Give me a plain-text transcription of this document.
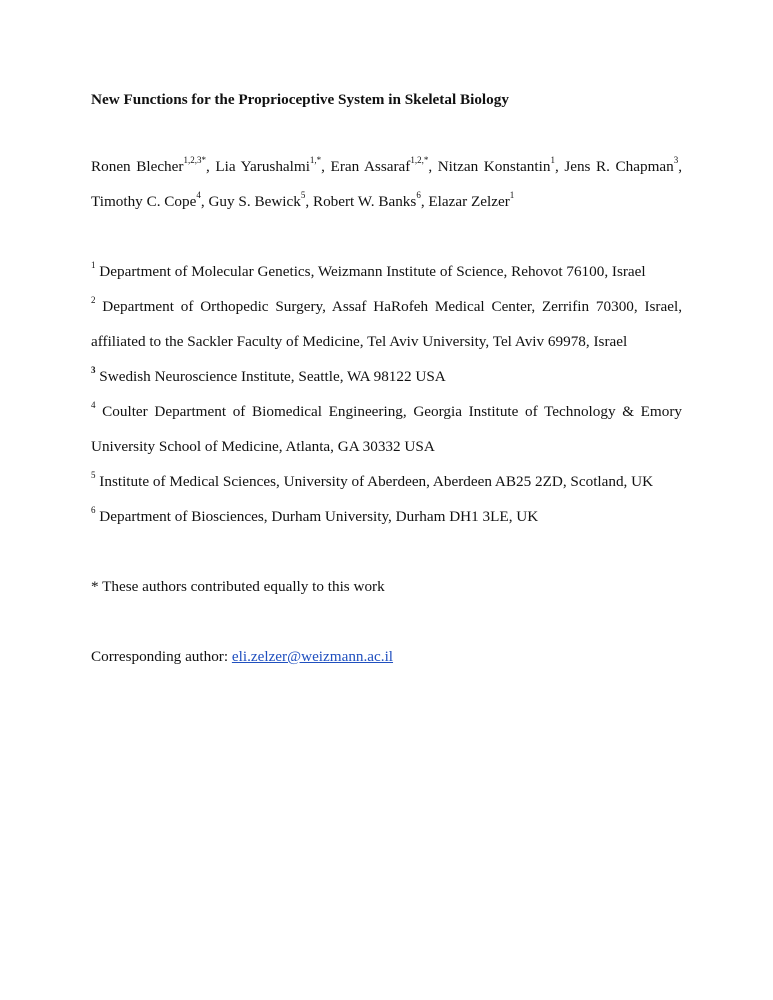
New Functions for the Proprioceptive System in Skeletal Biology
Ronen Blecher$^{1,2,3*}$, Lia Yarushalmi$^{1,*}$, Eran Assaraf$^{1,2,*}$, Nitzan Konstantin$^1$, Jens R. Chapman$^3$,
Timothy C. Cope$^4$, Guy S. Bewick$^5$, Robert W. Banks$^6$, Elazar Zelzer$^1$
$^1$ Department of Molecular Genetics, Weizmann Institute of Science, Rehovot 76100, Israel
$^2$ Department of Orthopedic Surgery, Assaf HaRofeh Medical Center, Zerrifin 70300, Israel,
affiliated to the Sackler Faculty of Medicine, Tel Aviv University, Tel Aviv 69978, Israel
$^3$ Swedish Neuroscience Institute, Seattle, WA 98122 USA
$^4$ Coulter Department of Biomedical Engineering, Georgia Institute of Technology & Emory
University School of Medicine, Atlanta, GA 30332 USA
$^5$ Institute of Medical Sciences, University of Aberdeen, Aberdeen AB25 2ZD, Scotland, UK
$^6$ Department of Biosciences, Durham University, Durham DH1 3LE, UK
* These authors contributed equally to this work
Corresponding author: eli.zelzer@weizmann.ac.il
